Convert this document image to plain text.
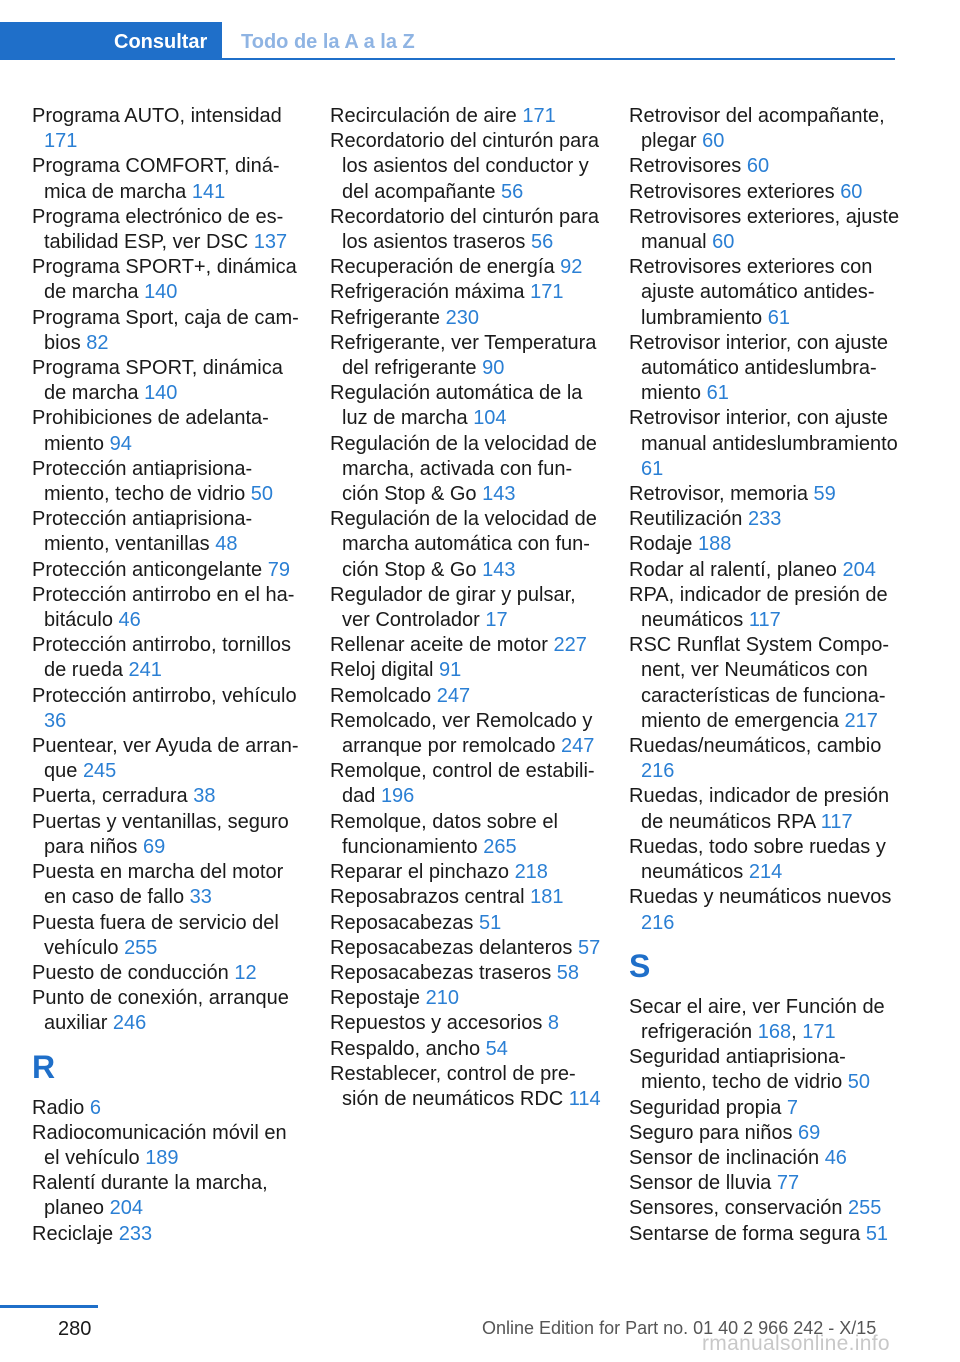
Consultar	Todo de la A a la Z

Programa AUTO, intensidad 171

Programa COMFORT, dinámica de marcha 141

Programa electrónico de estabilidad ESP, ver DSC 137

Programa SPORT+, dinámica de marcha 140

Programa Sport, caja de cambios 82

Programa SPORT, dinámica de marcha 140

Prohibiciones de adelantamiento 94

Protección antiaprisionamiento, techo de vidrio 50

Protección antiaprisionamiento, ventanillas 48

Protección anticongelante 79

Protección antirrobo en el habitáculo 46

Protección antirrobo, tornillos de rueda 241

Protección antirrobo, vehículo 36

Puentear, ver Ayuda de arranque 245

Puerta, cerradura 38

Puertas y ventanillas, seguro para niños 69

Puesta en marcha del motor en caso de fallo 33

Puesta fuera de servicio del vehículo 255

Puesto de conducción 12

Punto de conexión, arranque auxiliar 246

R

Radio 6

Radiocomunicación móvil en el vehículo 189

Ralentí durante la marcha, planeo 204

Reciclaje 233

Recirculación de aire 171

Recordatorio del cinturón para los asientos del conductor y del acompañante 56

Recordatorio del cinturón para los asientos traseros 56

Recuperación de energía 92

Refrigeración máxima 171

Refrigerante 230

Refrigerante, ver Temperatura del refrigerante 90

Regulación automática de la luz de marcha 104

Regulación de la velocidad de marcha, activada con función Stop & Go 143

Regulación de la velocidad de marcha automática con función Stop & Go 143

Regulador de girar y pulsar, ver Controlador 17

Rellenar aceite de motor 227

Reloj digital 91

Remolcado 247

Remolcado, ver Remolcado y arranque por remolcado 247

Remolque, control de estabilidad 196

Remolque, datos sobre el funcionamiento 265

Reparar el pinchazo 218

Reposabrazos central 181

Reposacabezas 51

Reposacabezas delanteros 57

Reposacabezas traseros 58

Repostaje 210

Repuestos y accesorios 8

Respaldo, ancho 54

Restablecer, control de presión de neumáticos RDC 114

Retrovisor del acompañante, plegar 60

Retrovisores 60

Retrovisores exteriores 60

Retrovisores exteriores, ajuste manual 60

Retrovisores exteriores con ajuste automático antideslumbramiento 61

Retrovisor interior, con ajuste automático antideslumbramiento 61

Retrovisor interior, con ajuste manual antideslumbramiento 61

Retrovisor, memoria 59

Reutilización 233

Rodaje 188

Rodar al ralentí, planeo 204

RPA, indicador de presión de neumáticos 117

RSC Runflat System Component, ver Neumáticos con características de funcionamiento de emergencia 217

Ruedas/neumáticos, cambio 216

Ruedas, indicador de presión de neumáticos RPA 117

Ruedas, todo sobre ruedas y neumáticos 214

Ruedas y neumáticos nuevos 216

S

Secar el aire, ver Función de refrigeración 168, 171

Seguridad antiaprisionamiento, techo de vidrio 50

Seguridad propia 7

Seguro para niños 69

Sensor de inclinación 46

Sensor de lluvia 77

Sensores, conservación 255

Sentarse de forma segura 51

280	Online Edition for Part no. 01 40 2 966 242 - X/15
rmanualsonline.info
